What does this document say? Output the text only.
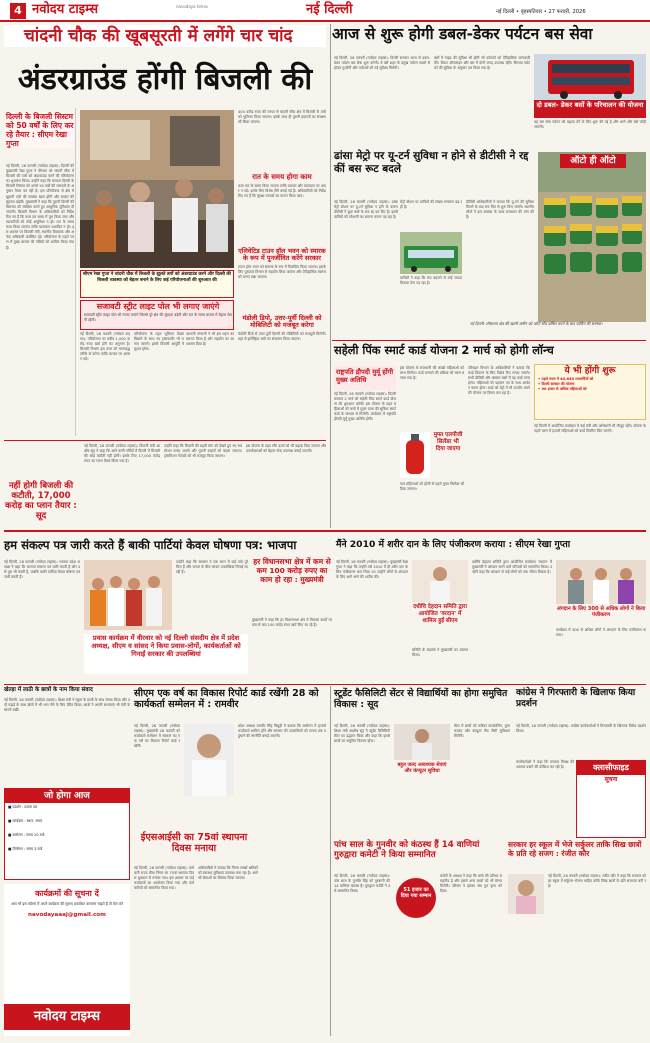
4 नवोदय टाइम्स	navodaya times	नई दिल्ली	नई दिल्ली • बृहस्पतिवार • 27 फरवरी, 2026
चांदनी चौक की खूबसूरती में लगेंगे चार चांद
अंडरग्राउंड होंगी बिजली की
दिल्ली के बिजली सिस्टम को 50 वर्षों के लिए कर रहे तैयार : सीएम रेखा गुप्ता
नई दिल्ली, 26 फरवरी (नवोदय टाइम्स): दिल्ली की मुख्यमंत्री रेखा गुप्ता ने वीरवार को चांदनी चौक में बिजली की तारों को अंडरग्राउंड करने की परियोजना का शुभारंभ किया। उन्होंने कहा कि सरकार दिल्ली के बिजली सिस्टम को अगले 50 वर्षों की जरूरतों के अनुसार तैयार कर रही है। इस परियोजना से क्षेत्र में झूलती तारों की समस्या खत्म होगी और बाजार की सुंदरता बढ़ेगी। मुख्यमंत्री ने कहा कि पुरानी दिल्ली की विरासत को संरक्षित करते हुए आधुनिक सुविधाएं दी जाएंगी। बिजली विभाग के अधिकारियों को निर्देश दिए गए हैं कि काम तय समय में पूरा किया जाए और व्यापारियों को कोई असुविधा न हो। रात के समय काम किया जाएगा ताकि यातायात प्रभावित न हो। इस अवसर पर बिजली मंत्री, स्थानीय विधायक और अनेक अधिकारी उपस्थित रहे। परियोजना के पहले चरण में मुख्य बाजार की गलियों को शामिल किया गया है।
सीएम रेखा गुप्ता ने चांदनी चौक में बिजली के झूलते तारों को अंडरग्राउंड करने और दिल्ली की बिजली व्यवस्था को बेहतर बनाने के लिए कई परियोजनाओं की शुरुआत की
सजावटी स्ट्रीट लाइट पोल भी लगाए जाएंगे
सजावटी स्ट्रीट लाइट पोल भी लगाए जाएंगे जिससे पूरे क्षेत्र की सुंदरता बढ़ेगी और रात के समय बाजार में बेहतर रोशनी रहेगी।
नई दिल्ली, 26 फरवरी (नवोदय टाइम्स): परियोजना पर करीब 1,000 करोड़ रुपए खर्च होने का अनुमान है। बिजली विभाग इस काम को चरणबद्ध तरीके से करेगा ताकि बाजार पर असर न पड़े।
परियोजना के तहत भूमिगत केबल बिछाने के साथ नए ट्रांसफार्मर भी लगाए जाएंगे। इससे बिजली आपूर्ति में सुधार होगा।
व्यापारी संगठनों ने भी इस पहल का स्वागत किया है और सहयोग का आश्वासन दिया है।
400 करोड़ रुपए की लागत से चांदनी चौक क्षेत्र में बिजली के तारों को भूमिगत किया जाएगा। इसके साथ ही पुरानी इमारतों का संरक्षण भी किया जाएगा।
रात के समय होगा काम
काम रात के समय किया जाएगा ताकि व्यापार और यातायात पर असर न पड़े। इसके लिए विशेष टीमें बनाई गई हैं। अधिकारियों को निर्देश दिए गए हैं कि सुरक्षा मानकों का पालन किया जाए।
एलिवेटिड टाउन हॉल भवन को स्मारक के रूप में पुनर्जीवित करेंगे सरकार
टाउन हॉल भवन को स्मारक के रूप में विकसित किया जाएगा। इसके लिए पुरातत्व विभाग से सहयोग लिया जाएगा और ऐतिहासिक स्वरूप को बनाए रखा जाएगा।
मंडोली डिपो, उत्तर-पूर्वी दिल्ली को मोबिलिटी को मजबूत करेगा
मंडोली डिपो से उत्तर-पूर्वी दिल्ली की मोबिलिटी को मजबूती मिलेगी। यहां से इलेक्ट्रिक बसों का संचालन किया जाएगा।
नहीं होगी बिजली की कटौती, 17,000 करोड़ का प्लान तैयार : सूद
नई दिल्ली, 26 फरवरी (नवोदय टाइम्स): बिजली मंत्री आशीष सूद ने कहा कि आने वाली गर्मियों में दिल्ली में बिजली की कोई कटौती नहीं होगी। इसके लिए 17,000 करोड़ रुपए का प्लान तैयार किया गया है।
उन्होंने कहा कि बिजली की बढ़ती मांग को देखते हुए नए सब स्टेशन बनाए जाएंगे और पुरानी लाइनों को बदला जाएगा। ट्रांसमिशन नेटवर्क को भी मजबूत किया जाएगा।
इस योजना के तहत सौर ऊर्जा को भी बढ़ावा दिया जाएगा और उपभोक्ताओं को बेहतर सेवा उपलब्ध कराई जाएगी।
आज से शुरू होगी डबल-डेकर पर्यटन बस सेवा
नई दिल्ली, 26 फरवरी (नवोदय टाइम्स): दिल्ली सरकार आज से डबल-डेकर पर्यटन बस सेवा शुरू करेगी। ये बसें शहर के प्रमुख पर्यटन स्थलों से होकर गुजरेंगी और पर्यटकों को नई सुविधा मिलेगी।
बसों में गाइड की सुविधा भी होगी जो पर्यटकों को ऐतिहासिक जानकारी देंगे। टिकट ऑनलाइन और बस में दोनों जगह उपलब्ध रहेंगे। किराया पर्यटकों की सुविधा के अनुसार तय किया गया है।
दो डबल- डेकर बसों के परिचालन की योजना
यह बस सेवा पर्यटन को बढ़ावा देने के लिए शुरू की गई है और आगे और बसें जोड़ी जाएंगी।
ढांसा मेट्रो पर यू-टर्न सुविधा न होने से डीटीसी ने रद्द कीं बस रूट बदले
नई दिल्ली, 26 फरवरी (नवोदय टाइम्स): ढांसा मेट्रो स्टेशन पर यू-टर्न सुविधा न होने के कारण डीटीसी ने कुछ बसों के रूट रद्द कर दिए हैं। इससे यात्रियों को परेशानी का सामना करना पड़ रहा है।
मेट्रो स्टेशन पर यात्रियों की संख्या लगातार बढ़ रही है।
डीटीसी अधिकारियों ने बताया कि यू-टर्न की सुविधा मिलने के बाद रूट फिर से शुरू किए जाएंगे। स्थानीय लोगों ने इस समस्या के जल्द समाधान की मांग की है।
यात्रियों ने कहा कि रूट बदलने से उन्हें ज्यादा किराया देना पड़ रहा है।
ऑटो ही ऑटो
नई दिल्ली: शौचालय क्षेत्र की खाली जमीन को ऑटो स्टैंड घोषित करने के बाद पार्किंग की समस्या।
सहेली पिंक स्मार्ट कार्ड योजना 2 मार्च को होगी लॉन्च
राष्ट्रपति द्रौपदी मुर्मू होंगी मुख्य अतिथि
नई दिल्ली, 26 फरवरी (नवोदय टाइम्स): दिल्ली सरकार 2 मार्च को सहेली पिंक स्मार्ट कार्ड योजना की शुरुआत करेगी। इस योजना के तहत महिलाओं को बसों में मुफ्त यात्रा की सुविधा स्मार्ट कार्ड के माध्यम से मिलेगी। कार्यक्रम में राष्ट्रपति द्रौपदी मुर्मू मुख्य अतिथि होंगी।
इस योजना से राजधानी की लाखों महिलाओं को लाभ मिलेगा। कार्ड बनवाने की प्रक्रिया को सरल बनाया गया है।
मुफ्त एलपीजी सिलेंडर भी दिया जाएगा
पात्र महिलाओं को होली से पहले मुफ्त सिलेंडर भी दिया जाएगा।
परिवहन विभाग के अधिकारियों ने बताया कि कार्ड वितरण के लिए विशेष कैंप लगाए जाएंगे। सभी डीटीसी और क्लस्टर बसों में यह कार्ड मान्य होगा। महिलाओं को पहचान पत्र के साथ आवेदन करना होगा। कार्ड को मेट्रो में भी उपयोग करने की योजना पर विचार चल रहा है।
ये भी होंगी शुरू
• पहले चरण में 40,645 लाभार्थियों को
• दिल्ली सरकार की योजना
• 90 हजार से अधिक महिलाओं को
नई दिल्ली में आयोजित कार्यक्रम में कई मंत्री और अधिकारी भी मौजूद रहेंगे। योजना के पहले चरण में हजारों महिलाओं को कार्ड वितरित किए जाएंगे।
हम संकल्प पत्र जारी करते हैं बाकी पार्टियां केवल घोषणा पत्र: भाजपा
नई दिल्ली, 26 फरवरी (नवोदय टाइम्स): भाजपा प्रदेश अध्यक्ष ने कहा कि भाजपा संकल्प पत्र जारी करती है और उसे पूरा भी करती है, जबकि बाकी पार्टियां केवल घोषणा पत्र जारी करती हैं।
उन्होंने कहा कि सरकार ने एक साल में कई वादे पूरे किए हैं और जनता के बीच जाकर उपलब्धियां गिनाई जा रही हैं।
प्रवास कार्यक्रम में वीरवार को नई दिल्ली संसदीय क्षेत्र में प्रदेश अध्यक्ष, सीएम व सांसद ने किया प्रवास-लोगों, कार्यकर्ताओं को गिनाईं सरकार की उपलब्धियां
हर विधानसभा क्षेत्र में कम से कम 100 करोड़ रुपए का काम हो रहा : मुख्यमंत्री
मुख्यमंत्री ने कहा कि हर विधानसभा क्षेत्र में विकास कार्यों पर कम से कम 100 करोड़ रुपए खर्च किए जा रहे हैं।
मैंने 2010 में शरीर दान के लिए पंजीकरण कराया : सीएम रेखा गुप्ता
नई दिल्ली, 26 फरवरी (नवोदय टाइम्स): मुख्यमंत्री रेखा गुप्ता ने कहा कि उन्होंने वर्ष 2010 में ही शरीर दान के लिए पंजीकरण करा लिया था। उन्होंने लोगों से अंगदान के लिए आगे आने की अपील की।
दधीचि देहदान समिति द्वारा आयोजित 'वरदान' में शामिल हुईं सीएम
समिति के सदस्यों ने मुख्यमंत्री का स्वागत किया।
दधीचि देहदान समिति द्वारा आयोजित कार्यक्रम 'वरदान' में मुख्यमंत्री ने अंगदान करने वाले परिवारों को सम्मानित किया। उन्होंने कहा कि अंगदान से कई लोगों को नया जीवन मिलता है।
अंगदान के लिए 300 से अधिक लोगों ने किया पंजीकरण
कार्यक्रम में 300 से अधिक लोगों ने अंगदान के लिए पंजीकरण कराया।
खेल्ड़ा में लाठी के छात्रों के नाम किया संवाद
नई दिल्ली, 26 फरवरी (नवोदय टाइम्स): शिक्षा मंत्री ने स्कूल के छात्रों के साथ संवाद किया और उन्हें पढ़ाई के साथ खेलों में भी भाग लेने के लिए प्रेरित किया। छात्रों ने अपनी समस्याएं भी मंत्री के सामने रखीं।
जो होगा आज
■ प्रदर्शन : प्रवास दल
■ कार्यक्रम : स्थान, समय
■ सम्मेलन : समय 10 बजे
■ विमोचन : समय 3 बजे
कार्यक्रमों की सूचना दें
आप भी इस कॉलम में अपने कार्यक्रम की सूचना प्रकाशित करवाना चाहते हैं तो मेल करें
navodayaaaj@gmail.com
नवोदय टाइम्स
सीएम एक वर्ष का विकास रिपोर्ट कार्ड रखेंगी 28 को कार्यकर्ता सम्मेलन में : रामवीर
नई दिल्ली, 26 फरवरी (नवोदय टाइम्स): मुख्यमंत्री 28 फरवरी को कार्यकर्ता सम्मेलन में सरकार का एक वर्ष का विकास रिपोर्ट कार्ड रखेंगी।
प्रदेश अध्यक्ष रामवीर सिंह बिधूड़ी ने बताया कि सम्मेलन में हजारों कार्यकर्ता शामिल होंगे और सरकार की उपलब्धियों को जनता तक पहुंचाने की रणनीति बनाई जाएगी।
ईएसआईसी का 75वां स्थापना दिवस मनाया
नई दिल्ली, 26 फरवरी (नवोदय टाइम्स): कर्मचारी राज्य बीमा निगम का 75वां स्थापना दिवस धूमधाम से मनाया गया। इस अवसर पर कई कार्यक्रमों का आयोजन किया गया और कर्मचारियों को सम्मानित किया गया।
अधिकारियों ने बताया कि निगम लाखों श्रमिकों को स्वास्थ्य सुविधाएं उपलब्ध करा रहा है। आगे भी सेवाओं का विस्तार किया जाएगा।
स्टूडेंट फैसिलिटी सेंटर से विद्यार्थियों का होगा समुचित विकास : सूद
नई दिल्ली, 26 फरवरी (नवोदय टाइम्स): शिक्षा मंत्री आशीष सूद ने स्टूडेंट फैसिलिटी सेंटर का उद्घाटन किया और कहा कि इससे छात्रों का समुचित विकास होगा।
बहुत जल्द आवश्यक सेवाएं और कंप्यूटर सुविधा
सेंटर में छात्रों को करियर काउंसलिंग, पुस्तकालय और कंप्यूटर लैब जैसी सुविधाएं मिलेंगी।
पांच साल के गुनवीर को कंठस्थ हैं 14 वाणियां गुरुद्वारा कमेटी ने किया सम्मानित
नई दिल्ली, 26 फरवरी (नवोदय टाइम्स): पांच साल के गुनवीर सिंह को गुरबाणी की 14 वाणियां कंठस्थ हैं। गुरुद्वारा कमेटी ने उसे सम्मानित किया।	51 हजार का दिया गया सम्मान
कमेटी के अध्यक्ष ने कहा कि बच्चे की प्रतिभा सराहनीय है और इससे अन्य बच्चों को भी प्रेरणा मिलेगी। परिवार ने इसका श्रेय गुरु कृपा को दिया।
सरकार हर स्कूल में भेजे सर्कुलर ताकि सिख छात्रों के प्रति रहे सजग : रंजीत कौर
नई दिल्ली, 26 फरवरी (नवोदय टाइम्स): रंजीत कौर ने कहा कि सरकार को हर स्कूल में सर्कुलर भेजना चाहिए ताकि सिख छात्रों के प्रति सजगता बनी रहे।
कांग्रेस ने गिरफ्तारी के खिलाफ किया प्रदर्शन
नई दिल्ली, 26 फरवरी (नवोदय टाइम्स): कांग्रेस कार्यकर्ताओं ने गिरफ्तारी के खिलाफ विरोध प्रदर्शन किया।
क्लासीफाइड
सूचना
कार्यकर्ताओं ने कहा कि सरकार विपक्ष की आवाज दबाने की कोशिश कर रही है।
